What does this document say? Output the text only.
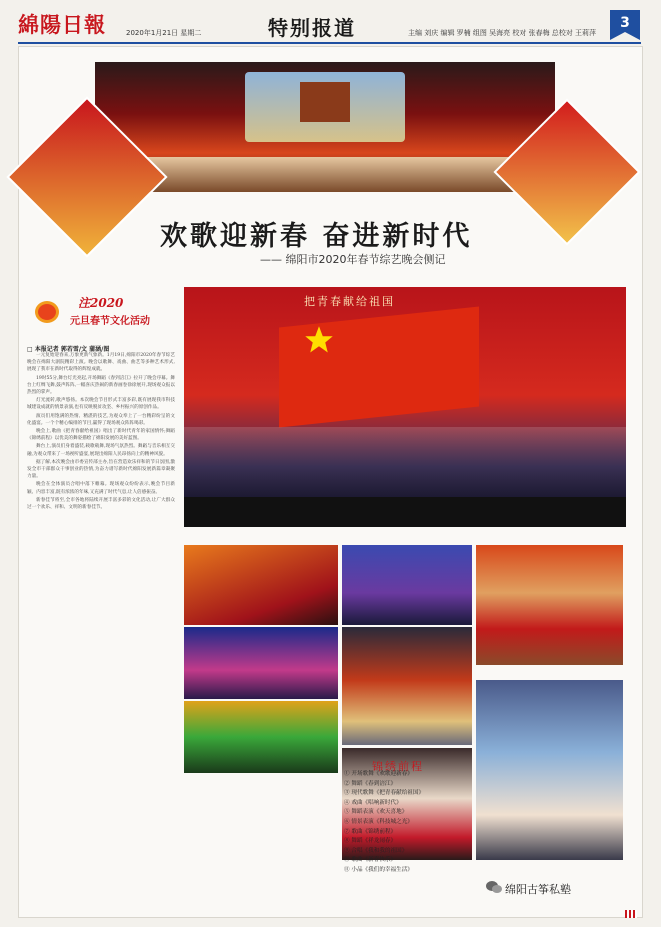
綿陽日報	2020年1月21日 星期二	特别报道	主编 刘庆 编辑 罗楠 组图 吴海亮 校对 张春梅 总校对 王莉萍
3
欢歌迎新春 奋进新时代
—— 绵阳市2020年春节综艺晚会侧记
注2020
元旦春节文化活动
□ 本报记者 郭若雪/文 蒲涵/图

一元复始迎春来,万象更新气象新。1月19日,绵阳市2020年春节综艺晚会在绵阳大剧院精彩上演。晚会以歌舞、戏曲、曲艺等多种艺术形式,展现了我市在新时代取得的辉煌成就。

19时55分,舞台灯光亮起,开场舞蹈《春到涪江》拉开了晚会序幕。舞台上红绸飞舞,鼓声阵阵,一幅喜庆热闹的新春画卷徐徐展开,现场观众报以热烈的掌声。

灯光流转,歌声悠扬。本次晚会节目形式丰富多彩,既有展现我市科技城建设成就的情景表演,也有反映脱贫攻坚、乡村振兴的原创作品。

演员们用饱满的热情、精湛的技艺,为观众奉上了一台精彩纷呈的文化盛宴。一个个精心编排的节目,赢得了现场观众阵阵喝彩。

晚会上,歌曲《把青春献给祖国》唱出了新时代青年的家国情怀;舞蹈《锦绣前程》以优美的舞姿描绘了绵阳发展的美好蓝图。

舞台上,演员们身着盛装,载歌载舞,现场气氛热烈。舞蹈与音乐相互交融,为观众带来了一场视听盛宴,展现出绵阳人民昂扬向上的精神风貌。

据了解,本次晚会由市委宣传部主办,旨在营造欢乐祥和的节日氛围,激发全市干部群众干事创业的热情,为奋力谱写新时代绵阳发展新篇章凝聚力量。

晚会在全体演员合唱中落下帷幕。现场观众纷纷表示,晚会节目新颖、内容丰富,既有浓浓的年味,又充满了时代气息,让人倍感振奋。

新春佳节将至,全市各地将陆续开展丰富多彩的文化活动,让广大群众过一个欢乐、祥和、文明的新春佳节。

把青春献给祖国
锦绣前程
① 开场歌舞《欢歌迎新春》
② 舞蹈《春到涪江》
③ 现代歌舞《把青春献给祖国》
④ 戏曲《唱响新时代》
⑤ 舞蹈表演《欢天喜地》
⑥ 情景表演《科技城之光》
⑦ 歌曲《锦绣前程》
⑧ 舞蹈《祥龙闹春》
⑨ 合唱《我和我的祖国》
⑩ 歌曲《新春快乐》
⑪ 小品《我们的幸福生活》
绵阳古筝私塾
